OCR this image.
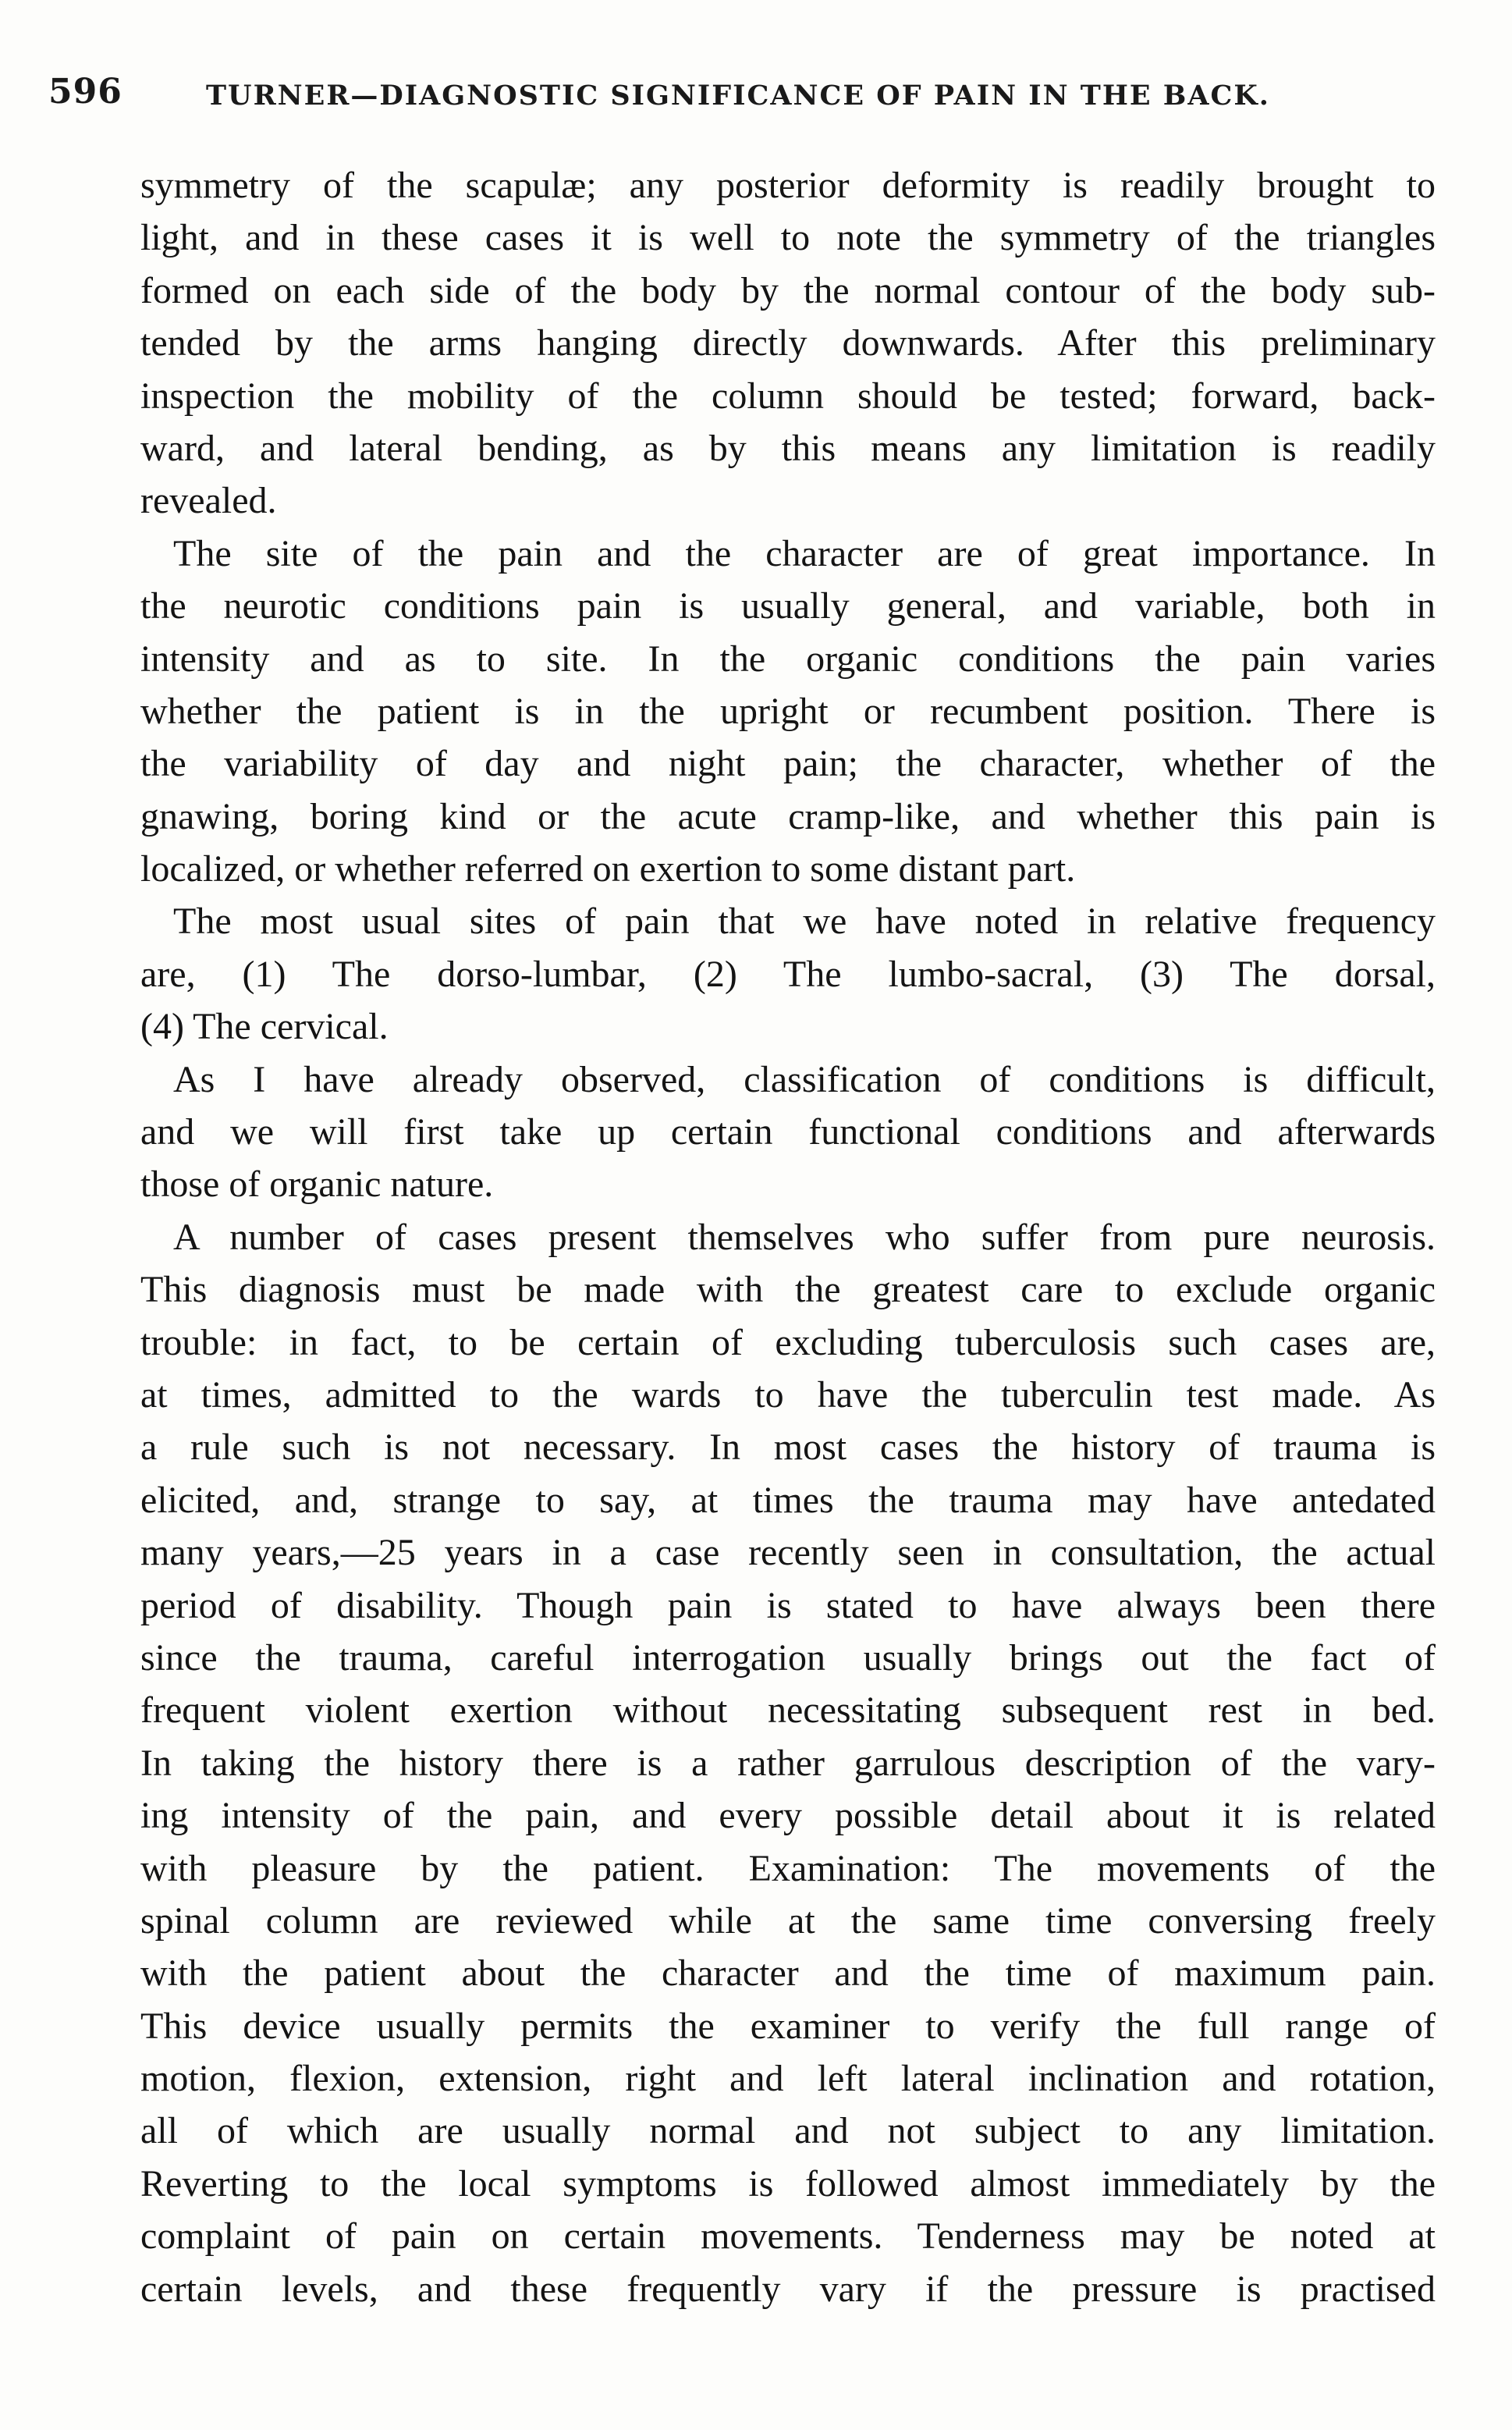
596	TURNER—DIAGNOSTIC SIGNIFICANCE OF PAIN IN THE BACK.
symmetry of the scapulæ; any posterior deformity is readily brought to
light, and in these cases it is well to note the symmetry of the triangles
formed on each side of the body by the normal contour of the body sub-
tended by the arms hanging directly downwards. After this preliminary
inspection the mobility of the column should be tested; forward, back-
ward, and lateral bending, as by this means any limitation is readily
revealed.
The site of the pain and the character are of great importance. In
the neurotic conditions pain is usually general, and variable, both in
intensity and as to site. In the organic conditions the pain varies
whether the patient is in the upright or recumbent position. There is
the variability of day and night pain; the character, whether of the
gnawing, boring kind or the acute cramp-like, and whether this pain is
localized, or whether referred on exertion to some distant part.
The most usual sites of pain that we have noted in relative frequency
are, (1) The dorso-lumbar, (2) The lumbo-sacral, (3) The dorsal,
(4) The cervical.
As I have already observed, classification of conditions is difficult,
and we will first take up certain functional conditions and afterwards
those of organic nature.
A number of cases present themselves who suffer from pure neurosis.
This diagnosis must be made with the greatest care to exclude organic
trouble: in fact, to be certain of excluding tuberculosis such cases are,
at times, admitted to the wards to have the tuberculin test made. As
a rule such is not necessary. In most cases the history of trauma is
elicited, and, strange to say, at times the trauma may have antedated
many years,—25 years in a case recently seen in consultation, the actual
period of disability. Though pain is stated to have always been there
since the trauma, careful interrogation usually brings out the fact of
frequent violent exertion without necessitating subsequent rest in bed.
In taking the history there is a rather garrulous description of the vary-
ing intensity of the pain, and every possible detail about it is related
with pleasure by the patient. Examination: The movements of the
spinal column are reviewed while at the same time conversing freely
with the patient about the character and the time of maximum pain.
This device usually permits the examiner to verify the full range of
motion, flexion, extension, right and left lateral inclination and rotation,
all of which are usually normal and not subject to any limitation.
Reverting to the local symptoms is followed almost immediately by the
complaint of pain on certain movements. Tenderness may be noted at
certain levels, and these frequently vary if the pressure is practised
